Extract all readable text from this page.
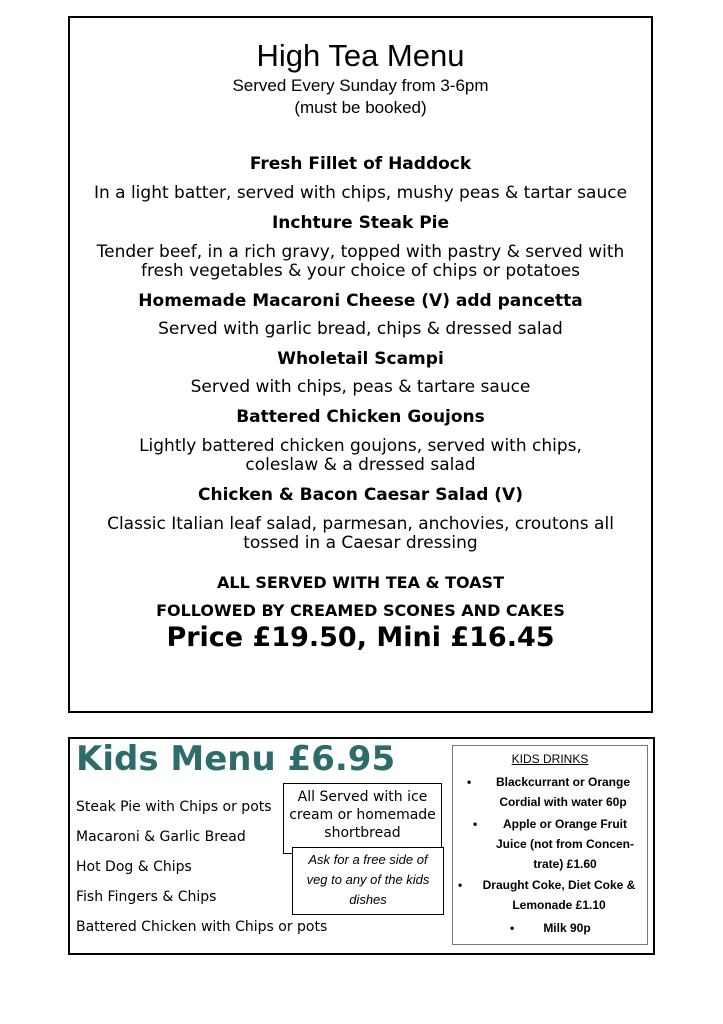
High Tea Menu
Served Every Sunday from 3-6pm
(must be booked)
Fresh Fillet of Haddock
In a light batter, served with chips, mushy peas & tartar sauce
Inchture Steak Pie
Tender beef, in a rich gravy, topped with pastry & served with
fresh vegetables & your choice of chips or potatoes
Homemade Macaroni Cheese (V) add pancetta
Served with garlic bread, chips & dressed salad
Wholetail Scampi
Served with chips, peas & tartare sauce
Battered Chicken Goujons
Lightly battered chicken goujons, served with chips,
coleslaw & a dressed salad
Chicken & Bacon Caesar Salad (V)
Classic Italian leaf salad, parmesan, anchovies, croutons all
tossed in a Caesar dressing
ALL SERVED WITH TEA & TOAST
FOLLOWED BY CREAMED SCONES AND CAKES
Price £19.50, Mini £16.45
Kids Menu £6.95
Steak Pie with Chips or pots
Macaroni & Garlic Bread
Hot Dog & Chips
Fish Fingers & Chips
Battered Chicken with Chips or pots
All Served with ice
cream or homemade
shortbread
Ask for a free side of
veg to any of the kids
dishes
KIDS DRINKS
•	Blackcurrant or Orange
Cordial with water 60p
•	Apple or Orange Fruit
Juice (not from Concen-
trate) £1.60
•	Draught Coke, Diet Coke &
Lemonade £1.10
•	Milk 90p
